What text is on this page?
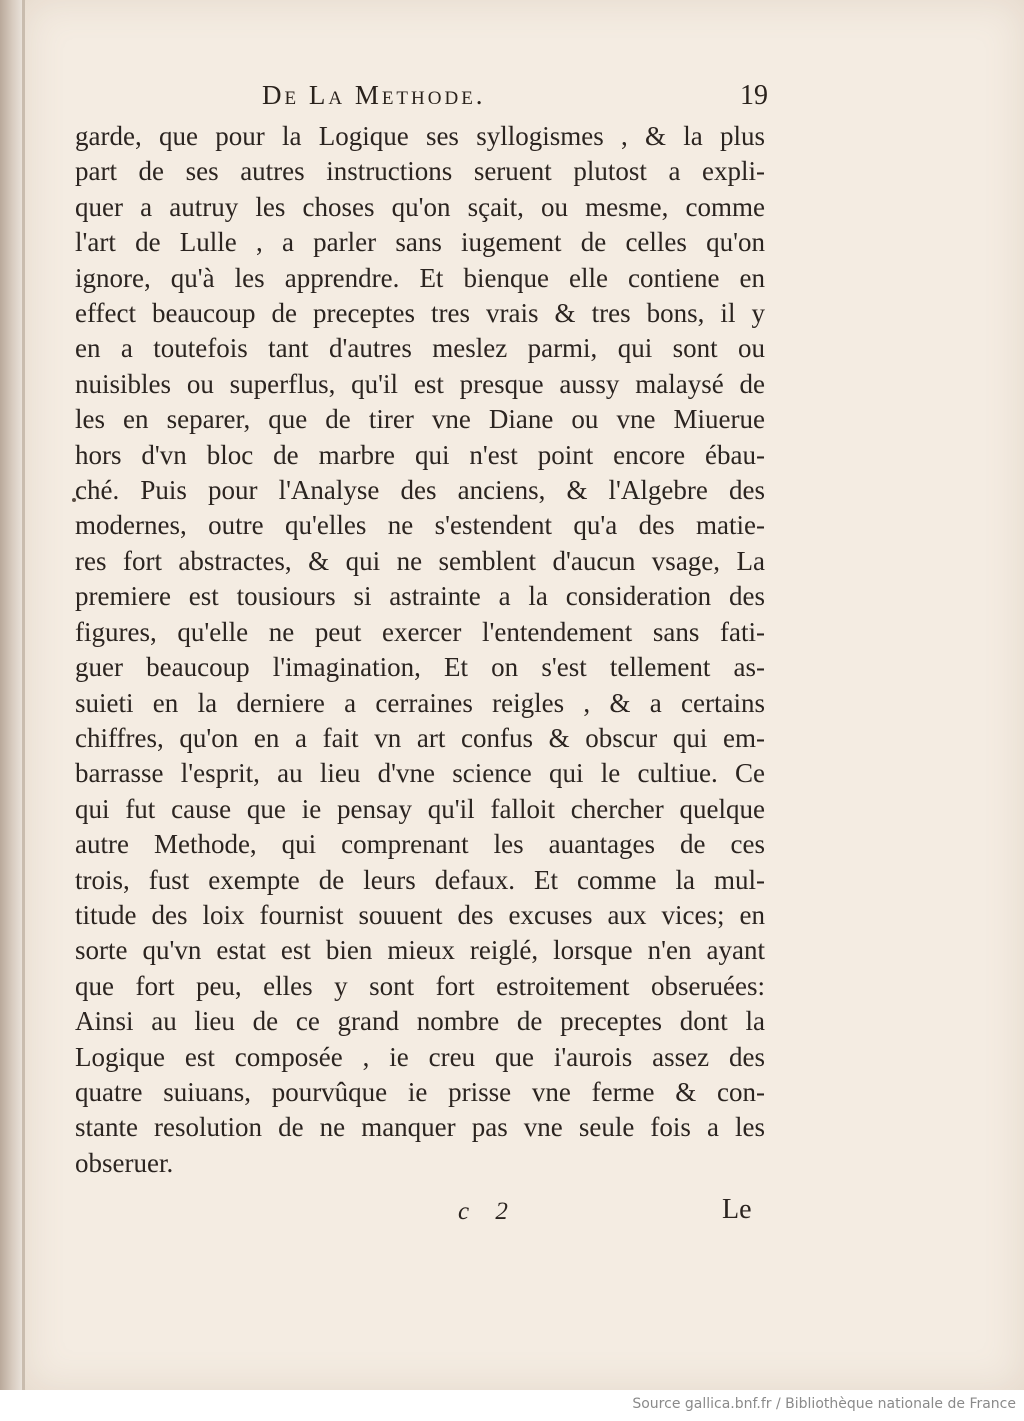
De La Methode.	19
garde, que pour la Logique ses syllogismes , & la plus
part de ses autres instructions seruent plutost a expli-
quer a autruy les choses qu'on sçait, ou mesme, comme
l'art de Lulle , a parler sans iugement de celles qu'on
ignore, qu'à les apprendre. Et bienque elle contiene en
effect beaucoup de preceptes tres vrais & tres bons, il y
en a toutefois tant d'autres meslez parmi, qui sont ou
nuisibles ou superflus, qu'il est presque aussy malaysé de
les en separer, que de tirer vne Diane ou vne Miuerue
hors d'vn bloc de marbre qui n'est point encore ébau-
ché. Puis pour l'Analyse des anciens, & l'Algebre des
modernes, outre qu'elles ne s'estendent qu'a des matie-
res fort abstractes, & qui ne semblent d'aucun vsage, La
premiere est tousiours si astrainte a la consideration des
figures, qu'elle ne peut exercer l'entendement sans fati-
guer beaucoup l'imagination, Et on s'est tellement as-
suieti en la derniere a cerraines reigles , & a certains
chiffres, qu'on en a fait vn art confus & obscur qui em-
barrasse l'esprit, au lieu d'vne science qui le cultiue. Ce
qui fut cause que ie pensay qu'il falloit chercher quelque
autre Methode, qui comprenant les auantages de ces
trois, fust exempte de leurs defaux. Et comme la mul-
titude des loix fournist souuent des excuses aux vices; en
sorte qu'vn estat est bien mieux reiglé, lorsque n'en ayant
que fort peu, elles y sont fort estroitement obseruées:
Ainsi au lieu de ce grand nombre de preceptes dont la
Logique est composée , ie creu que i'aurois assez des
quatre suiuans, pourvûque ie prisse vne ferme & con-
stante resolution de ne manquer pas vne seule fois a les
obseruer.
c 2	Le
Source gallica.bnf.fr / Bibliothèque nationale de France
